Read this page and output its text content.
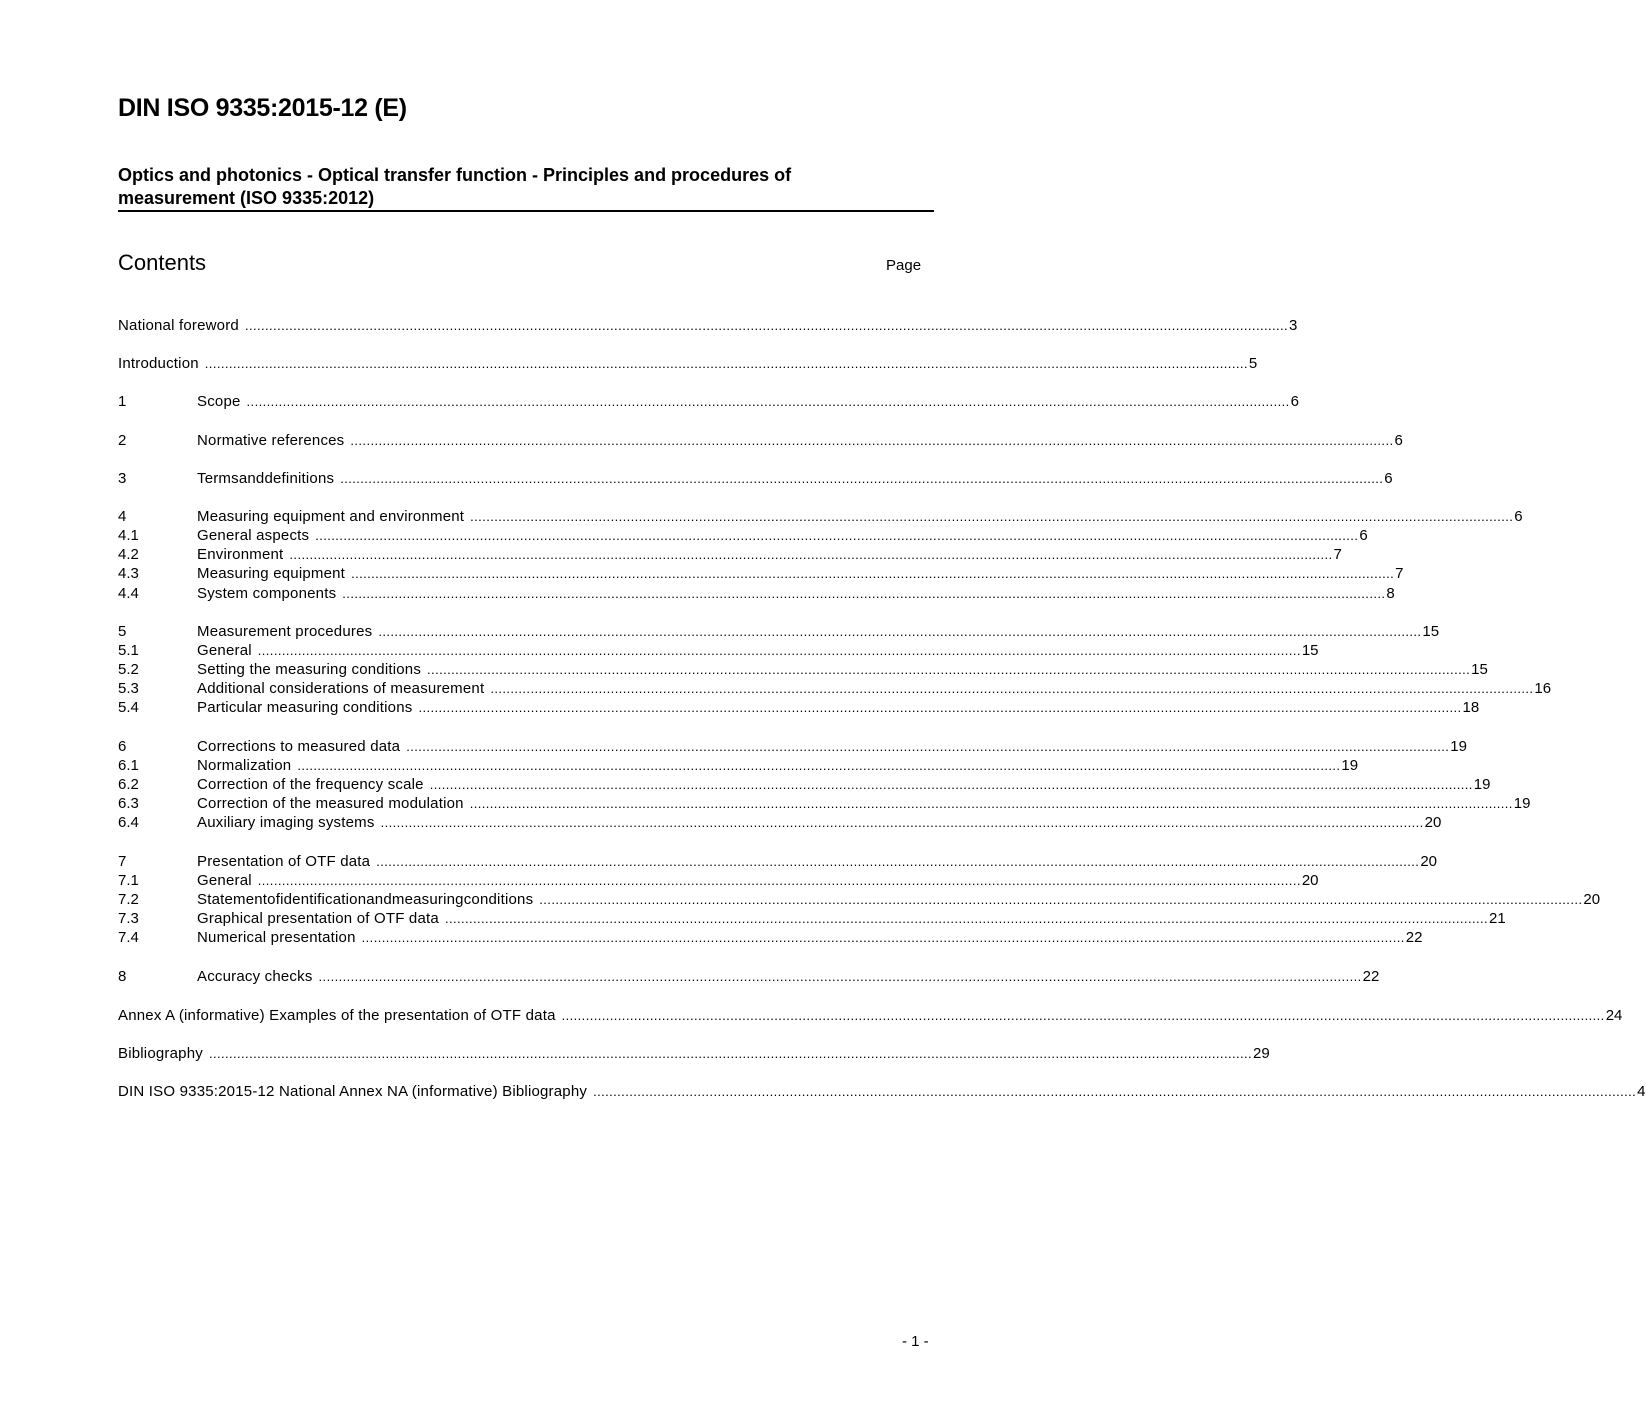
DIN ISO 9335:2015-12 (E)
Optics and photonics - Optical transfer function - Principles and procedures of
measurement (ISO 9335:2012)
Contents	Page
National foreword .................................................................................................................................................................................................................................................................... 3
Introduction .................................................................................................................................................................................................................................................................... 5
1	Scope .................................................................................................................................................................................................................................................................... 6
2	Normative references .................................................................................................................................................................................................................................................................... 6
3	Termsanddefinitions .................................................................................................................................................................................................................................................................... 6
4	Measuring equipment and environment .................................................................................................................................................................................................................................................................... 6
4.1	General aspects .................................................................................................................................................................................................................................................................... 6
4.2	Environment .................................................................................................................................................................................................................................................................... 7
4.3	Measuring equipment .................................................................................................................................................................................................................................................................... 7
4.4	System components .................................................................................................................................................................................................................................................................... 8
5	Measurement procedures .................................................................................................................................................................................................................................................................... 15
5.1	General .................................................................................................................................................................................................................................................................... 15
5.2	Setting the measuring conditions .................................................................................................................................................................................................................................................................... 15
5.3	Additional considerations of measurement .................................................................................................................................................................................................................................................................... 16
5.4	Particular measuring conditions .................................................................................................................................................................................................................................................................... 18
6	Corrections to measured data .................................................................................................................................................................................................................................................................... 19
6.1	Normalization .................................................................................................................................................................................................................................................................... 19
6.2	Correction of the frequency scale .................................................................................................................................................................................................................................................................... 19
6.3	Correction of the measured modulation .................................................................................................................................................................................................................................................................... 19
6.4	Auxiliary imaging systems .................................................................................................................................................................................................................................................................... 20
7	Presentation of OTF data .................................................................................................................................................................................................................................................................... 20
7.1	General .................................................................................................................................................................................................................................................................... 20
7.2	Statementofidentificationandmeasuringconditions .................................................................................................................................................................................................................................................................... 20
7.3	Graphical presentation of OTF data .................................................................................................................................................................................................................................................................... 21
7.4	Numerical presentation .................................................................................................................................................................................................................................................................... 22
8	Accuracy checks .................................................................................................................................................................................................................................................................... 22
Annex A (informative) Examples of the presentation of OTF data .................................................................................................................................................................................................................................................................... 24
Bibliography .................................................................................................................................................................................................................................................................... 29
DIN ISO 9335:2015-12 National Annex NA (informative) Bibliography .................................................................................................................................................................................................................................................................... 4
- 1 -
